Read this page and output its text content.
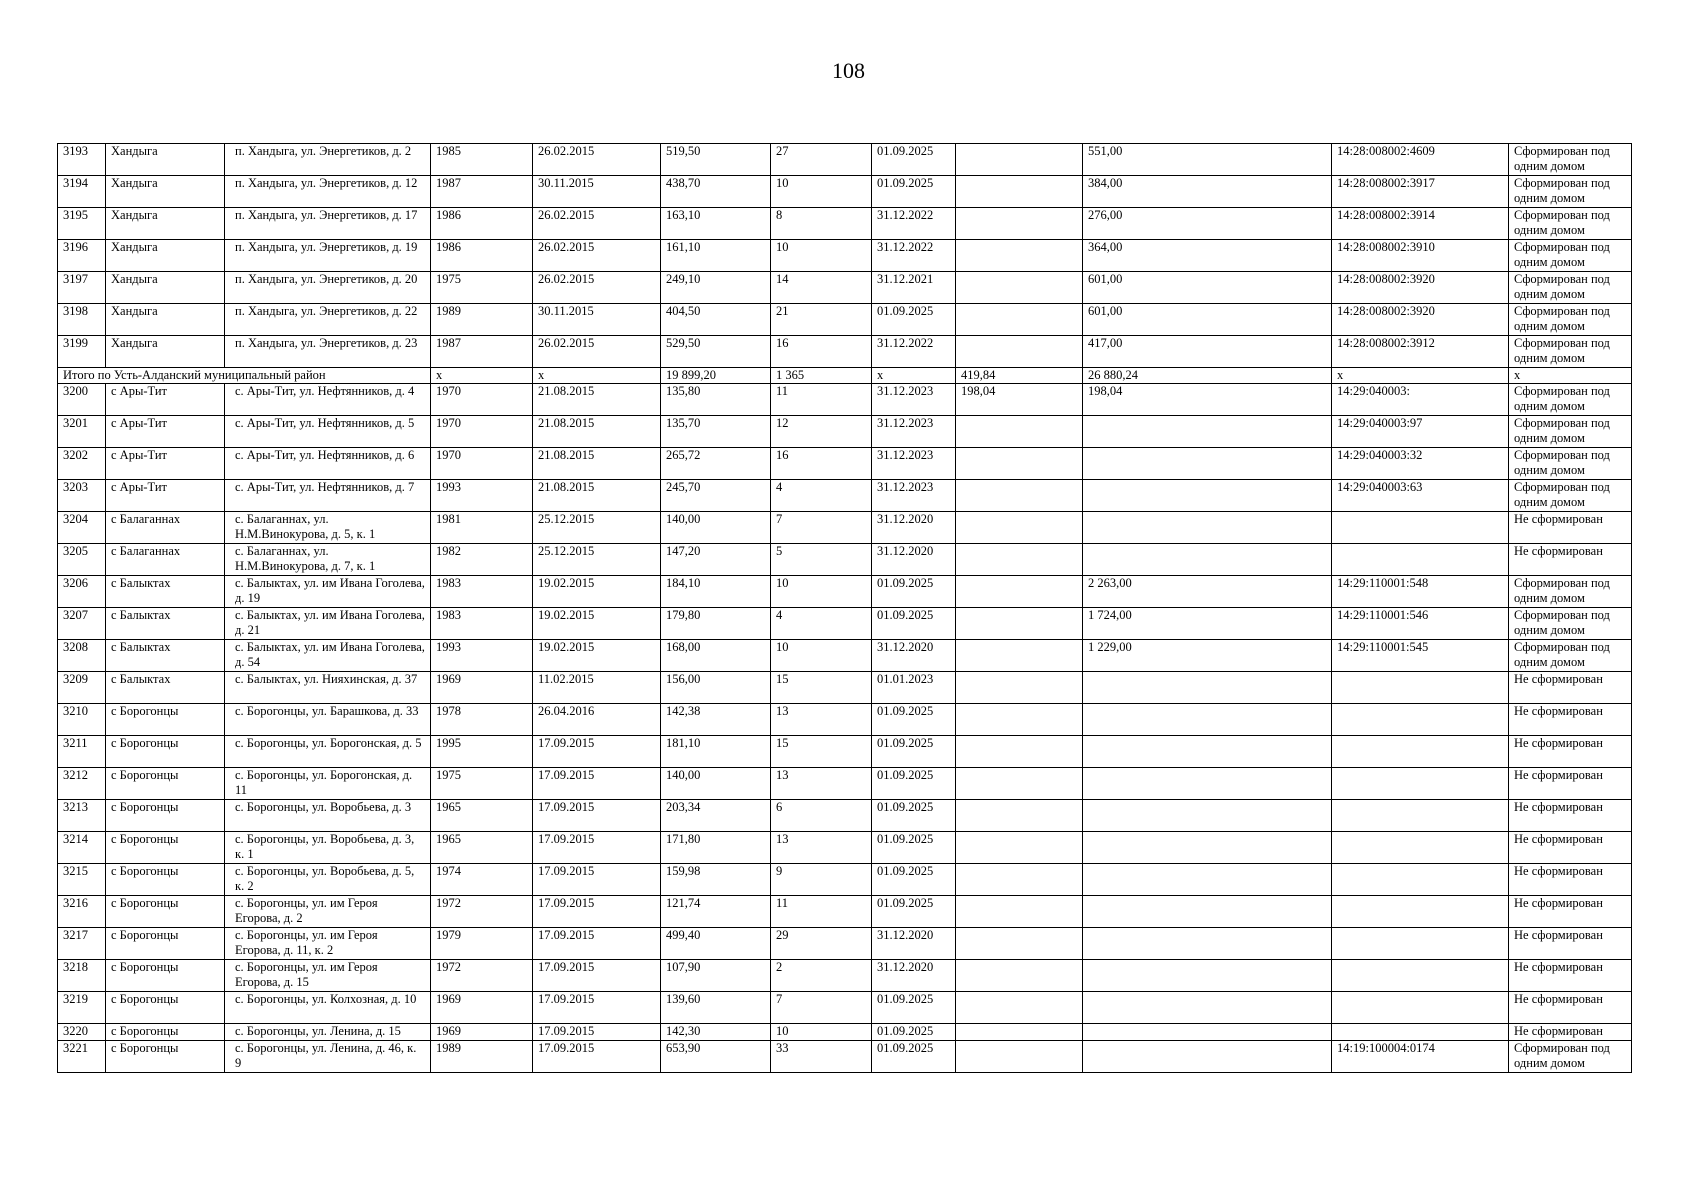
108
3193	Хандыга	п. Хандыга, ул. Энергетиков, д. 2	1985	26.02.2015	519,50	27	01.09.2025		551,00	14:28:008002:4609	Сформирован под одним домом
3194	Хандыга	п. Хандыга, ул. Энергетиков, д. 12	1987	30.11.2015	438,70	10	01.09.2025		384,00	14:28:008002:3917	Сформирован под одним домом
3195	Хандыга	п. Хандыга, ул. Энергетиков, д. 17	1986	26.02.2015	163,10	8	31.12.2022		276,00	14:28:008002:3914	Сформирован под одним домом
3196	Хандыга	п. Хандыга, ул. Энергетиков, д. 19	1986	26.02.2015	161,10	10	31.12.2022		364,00	14:28:008002:3910	Сформирован под одним домом
3197	Хандыга	п. Хандыга, ул. Энергетиков, д. 20	1975	26.02.2015	249,10	14	31.12.2021		601,00	14:28:008002:3920	Сформирован под одним домом
3198	Хандыга	п. Хандыга, ул. Энергетиков, д. 22	1989	30.11.2015	404,50	21	01.09.2025		601,00	14:28:008002:3920	Сформирован под одним домом
3199	Хандыга	п. Хандыга, ул. Энергетиков, д. 23	1987	26.02.2015	529,50	16	31.12.2022		417,00	14:28:008002:3912	Сформирован под одним домом
Итого по Усть-Алданский муниципальный район			x	x	19 899,20	1 365	x	419,84	26 880,24	x	x
3200	с Ары-Тит	с. Ары-Тит, ул. Нефтянников, д. 4	1970	21.08.2015	135,80	11	31.12.2023	198,04	198,04	14:29:040003:	Сформирован под одним домом
3201	с Ары-Тит	с. Ары-Тит, ул. Нефтянников, д. 5	1970	21.08.2015	135,70	12	31.12.2023			14:29:040003:97	Сформирован под одним домом
3202	с Ары-Тит	с. Ары-Тит, ул. Нефтянников, д. 6	1970	21.08.2015	265,72	16	31.12.2023			14:29:040003:32	Сформирован под одним домом
3203	с Ары-Тит	с. Ары-Тит, ул. Нефтянников, д. 7	1993	21.08.2015	245,70	4	31.12.2023			14:29:040003:63	Сформирован под одним домом
3204	с Балаганнах	с. Балаганнах, ул. Н.М.Винокурова, д. 5, к. 1	1981	25.12.2015	140,00	7	31.12.2020				Не сформирован
3205	с Балаганнах	с. Балаганнах, ул. Н.М.Винокурова, д. 7, к. 1	1982	25.12.2015	147,20	5	31.12.2020				Не сформирован
3206	с Балыктах	с. Балыктах, ул. им Ивана Гоголева, д. 19	1983	19.02.2015	184,10	10	01.09.2025		2 263,00	14:29:110001:548	Сформирован под одним домом
3207	с Балыктах	с. Балыктах, ул. им Ивана Гоголева, д. 21	1983	19.02.2015	179,80	4	01.09.2025		1 724,00	14:29:110001:546	Сформирован под одним домом
3208	с Балыктах	с. Балыктах, ул. им Ивана Гоголева, д. 54	1993	19.02.2015	168,00	10	31.12.2020		1 229,00	14:29:110001:545	Сформирован под одним домом
3209	с Балыктах	с. Балыктах, ул. Нияхинская, д. 37	1969	11.02.2015	156,00	15	01.01.2023				Не сформирован
3210	с Борогонцы	с. Борогонцы, ул. Барашкова, д. 33	1978	26.04.2016	142,38	13	01.09.2025				Не сформирован
3211	с Борогонцы	с. Борогонцы, ул. Борогонская, д. 5	1995	17.09.2015	181,10	15	01.09.2025				Не сформирован
3212	с Борогонцы	с. Борогонцы, ул. Борогонская, д. 11	1975	17.09.2015	140,00	13	01.09.2025				Не сформирован
3213	с Борогонцы	с. Борогонцы, ул. Воробьева, д. 3	1965	17.09.2015	203,34	6	01.09.2025				Не сформирован
3214	с Борогонцы	с. Борогонцы, ул. Воробьева, д. 3, к. 1	1965	17.09.2015	171,80	13	01.09.2025				Не сформирован
3215	с Борогонцы	с. Борогонцы, ул. Воробьева, д. 5, к. 2	1974	17.09.2015	159,98	9	01.09.2025				Не сформирован
3216	с Борогонцы	с. Борогонцы, ул. им Героя Егорова, д. 2	1972	17.09.2015	121,74	11	01.09.2025				Не сформирован
3217	с Борогонцы	с. Борогонцы, ул. им Героя Егорова, д. 11, к. 2	1979	17.09.2015	499,40	29	31.12.2020				Не сформирован
3218	с Борогонцы	с. Борогонцы, ул. им Героя Егорова, д. 15	1972	17.09.2015	107,90	2	31.12.2020				Не сформирован
3219	с Борогонцы	с. Борогонцы, ул. Колхозная, д. 10	1969	17.09.2015	139,60	7	01.09.2025				Не сформирован
3220	с Борогонцы	с. Борогонцы, ул. Ленина, д. 15	1969	17.09.2015	142,30	10	01.09.2025				Не сформирован
3221	с Борогонцы	с. Борогонцы, ул. Ленина, д. 46, к. 9	1989	17.09.2015	653,90	33	01.09.2025			14:19:100004:0174	Сформирован под одним домом
